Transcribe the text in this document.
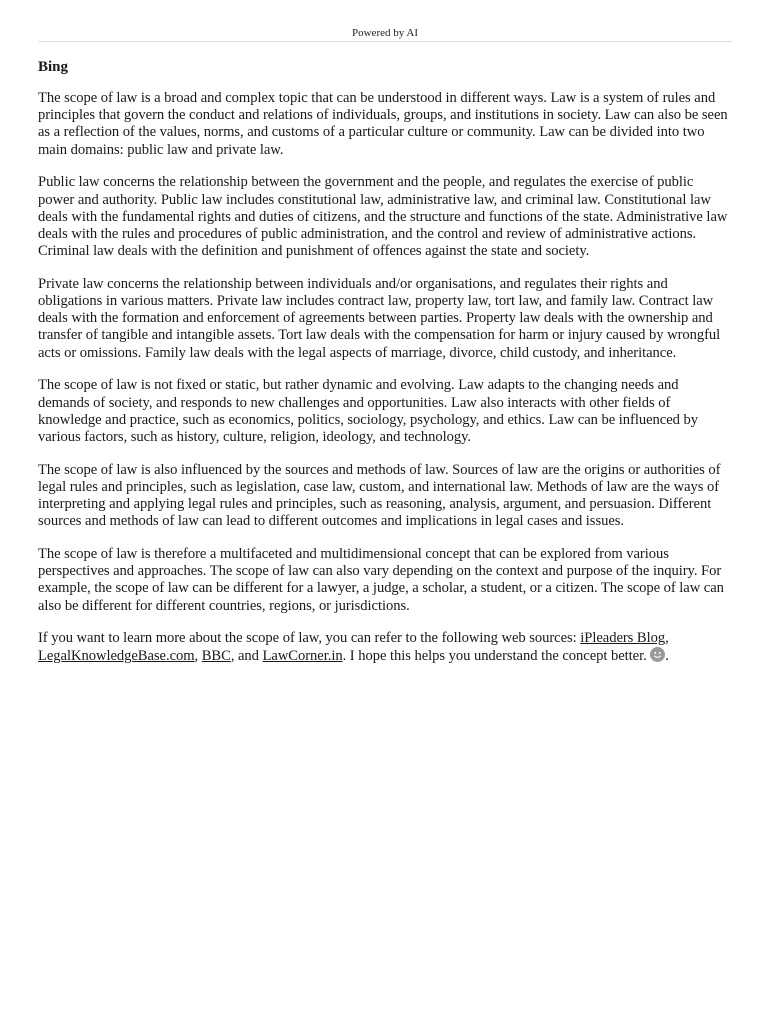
Powered by AI
Bing

The scope of law is a broad and complex topic that can be understood in different ways. Law is a system of rules and principles that govern the conduct and relations of individuals, groups, and institutions in society. Law can also be seen as a reflection of the values, norms, and customs of a particular culture or community. Law can be divided into two main domains: public law and private law.

Public law concerns the relationship between the government and the people, and regulates the exercise of public power and authority. Public law includes constitutional law, administrative law, and criminal law. Constitutional law deals with the fundamental rights and duties of citizens, and the structure and functions of the state. Administrative law deals with the rules and procedures of public administration, and the control and review of administrative actions. Criminal law deals with the definition and punishment of offences against the state and society.

Private law concerns the relationship between individuals and/or organisations, and regulates their rights and obligations in various matters. Private law includes contract law, property law, tort law, and family law. Contract law deals with the formation and enforcement of agreements between parties. Property law deals with the ownership and transfer of tangible and intangible assets. Tort law deals with the compensation for harm or injury caused by wrongful acts or omissions. Family law deals with the legal aspects of marriage, divorce, child custody, and inheritance.

The scope of law is not fixed or static, but rather dynamic and evolving. Law adapts to the changing needs and demands of society, and responds to new challenges and opportunities. Law also interacts with other fields of knowledge and practice, such as economics, politics, sociology, psychology, and ethics. Law can be influenced by various factors, such as history, culture, religion, ideology, and technology.

The scope of law is also influenced by the sources and methods of law. Sources of law are the origins or authorities of legal rules and principles, such as legislation, case law, custom, and international law. Methods of law are the ways of interpreting and applying legal rules and principles, such as reasoning, analysis, argument, and persuasion. Different sources and methods of law can lead to different outcomes and implications in legal cases and issues.

The scope of law is therefore a multifaceted and multidimensional concept that can be explored from various perspectives and approaches. The scope of law can also vary depending on the context and purpose of the inquiry. For example, the scope of law can be different for a lawyer, a judge, a scholar, a student, or a citizen. The scope of law can also be different for different countries, regions, or jurisdictions.

If you want to learn more about the scope of law, you can refer to the following web sources: iPleaders Blog, LegalKnowledgeBase.com, BBC, and LawCorner.in. I hope this helps you understand the concept better.
.
